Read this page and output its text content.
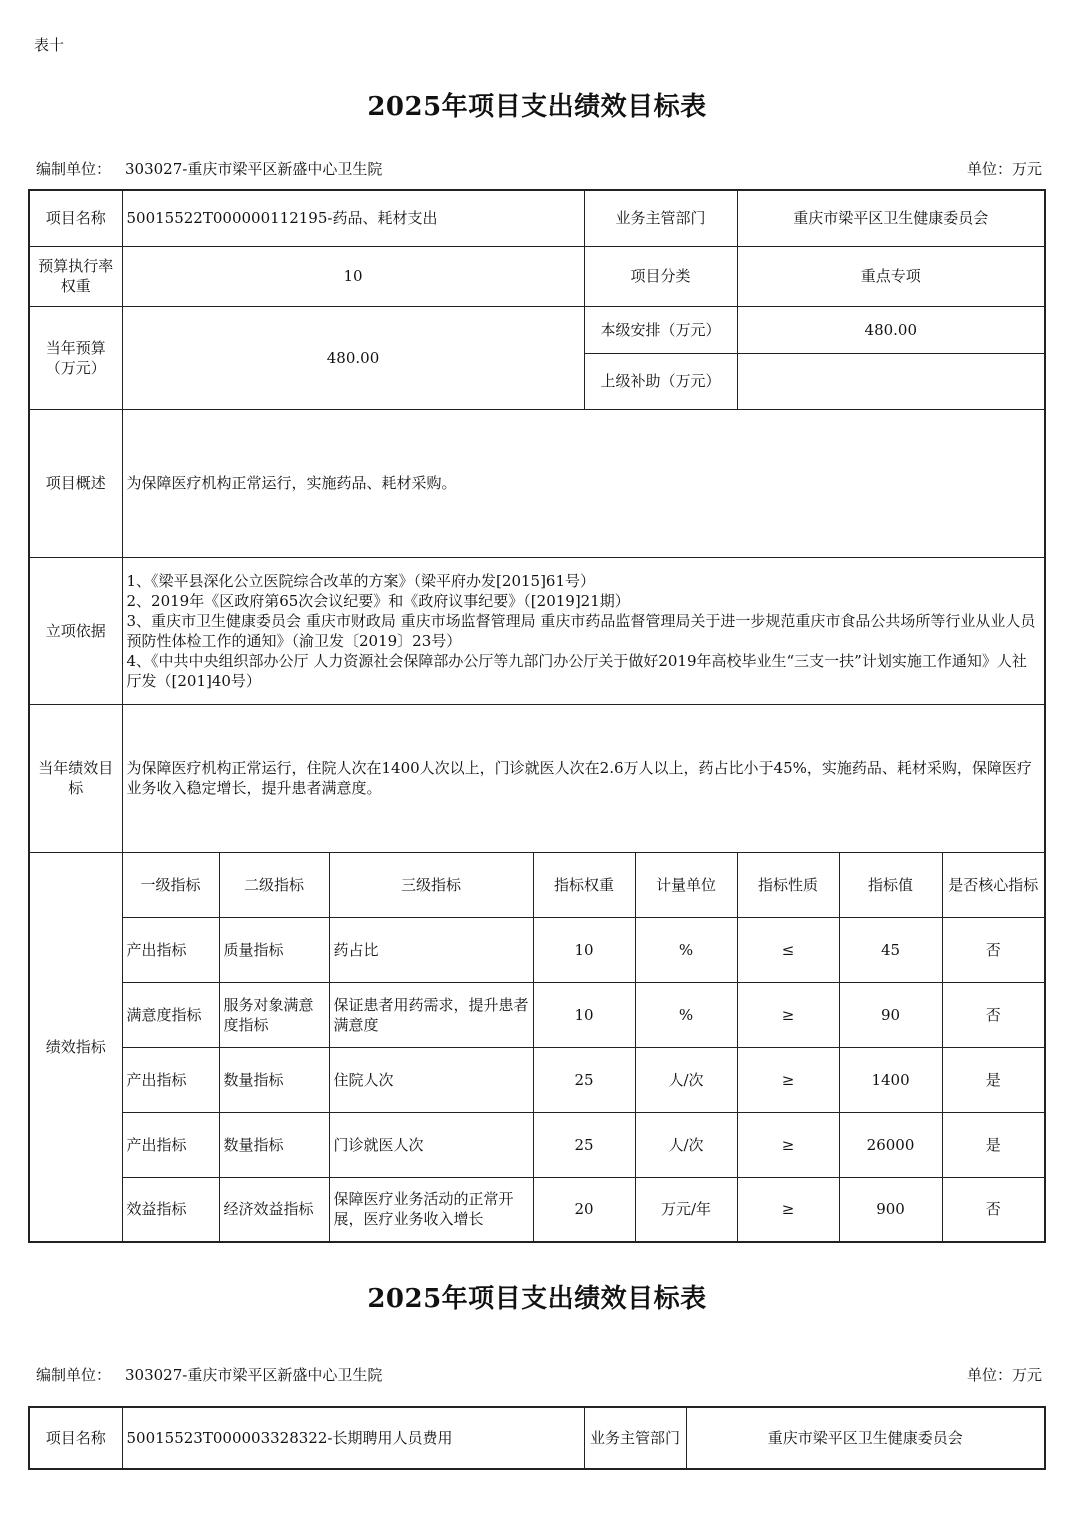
表十
2025年项目支出绩效目标表
编制单位： 303027-重庆市梁平区新盛中心卫生院	单位：万元
项目名称	50015522T000000112195-药品、耗材支出				业务主管部门		重庆市梁平区卫生健康委员会		
预算执行率权重	10				项目分类		重点专项		
当年预算（万元）	480.00				本级安排（万元）		480.00		
					上级补助（万元）				
项目概述	为保障医疗机构正常运行，实施药品、耗材采购。								
立项依据	1、《梁平县深化公立医院综合改革的方案》（梁平府办发[2015]61号）
2、2019年《区政府第65次会议纪要》和《政府议事纪要》（[2019]21期）
3、重庆市卫生健康委员会 重庆市财政局 重庆市场监督管理局 重庆市药品监督管理局关于进一步规范重庆市食品公共场所等行业从业人员预防性体检工作的通知》（渝卫发〔2019〕23号）
4、《中共中央组织部办公厅 人力资源社会保障部办公厅等九部门办公厅关于做好2019年高校毕业生“三支一扶”计划实施工作通知》人社厅发（[201]40号）								

当年绩效目标	为保障医疗机构正常运行，住院人次在1400人次以上，门诊就医人次在2.6万人以上，药占比小于45%，实施药品、耗材采购，保障医疗业务收入稳定增长，提升患者满意度。								
绩效指标	一级指标	二级指标	三级指标	指标权重		计量单位	指标性质	指标值	是否核心指标
	产出指标	质量指标	药占比	10		%	≤	45	否
	满意度指标	服务对象满意度指标	保证患者用药需求，提升患者满意度	10		%	≥	90	否
	产出指标	数量指标	住院人次	25		人/次	≥	1400	是
	产出指标	数量指标	门诊就医人次	25		人/次	≥	26000	是
	效益指标	经济效益指标	保障医疗业务活动的正常开展，医疗业务收入增长	20		万元/年	≥	900	否
2025年项目支出绩效目标表
编制单位： 303027-重庆市梁平区新盛中心卫生院	单位：万元
项目名称	50015523T000003328322-长期聘用人员费用	业务主管部门	重庆市梁平区卫生健康委员会
